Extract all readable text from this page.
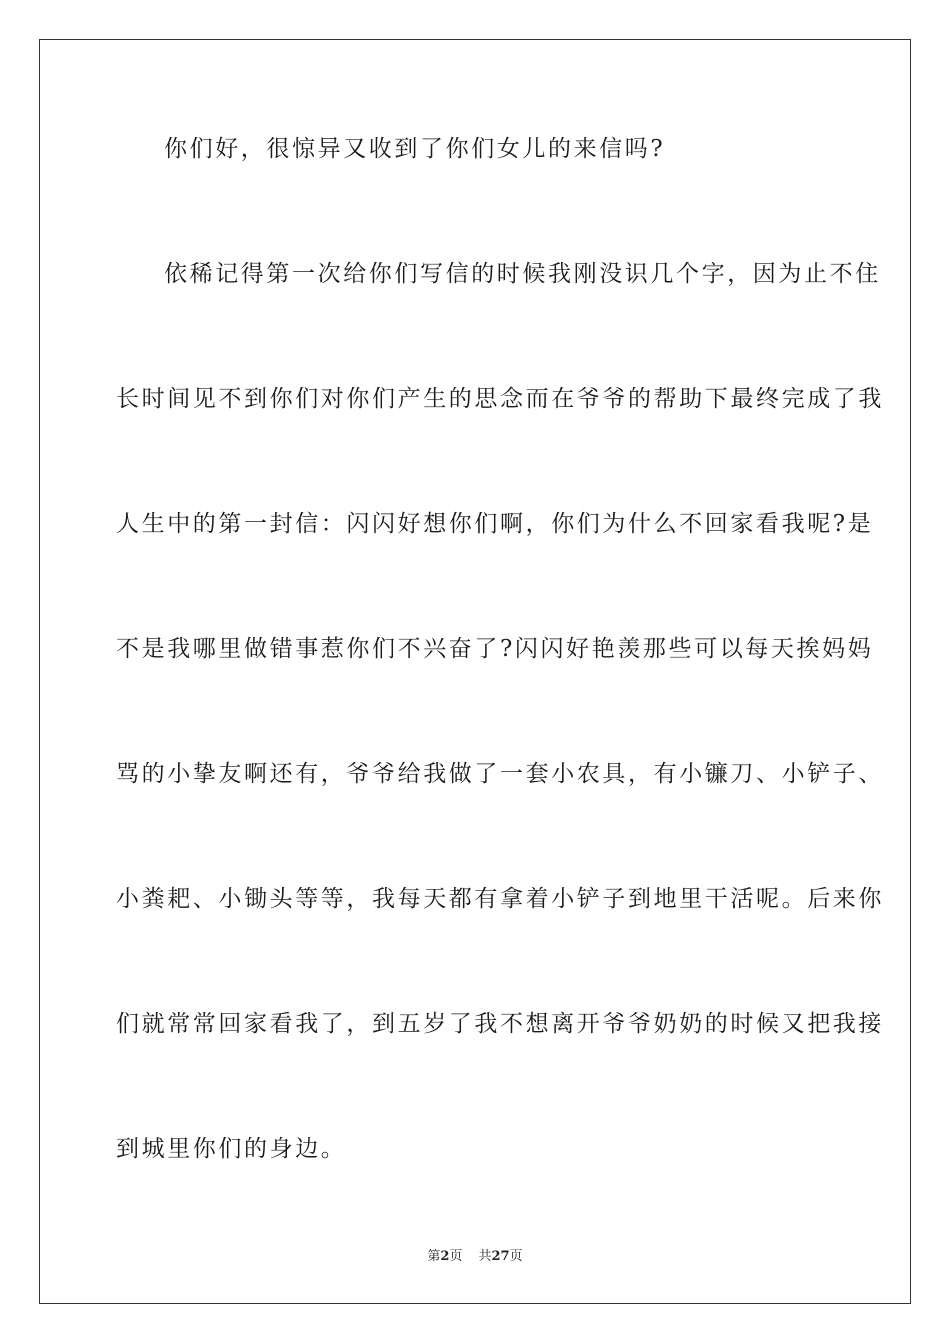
你们好，很惊异又收到了你们女儿的来信吗?
依稀记得第一次给你们写信的时候我刚没识几个字，因为止不住
长时间见不到你们对你们产生的思念而在爷爷的帮助下最终完成了我
人生中的第一封信：闪闪好想你们啊，你们为什么不回家看我呢?是
不是我哪里做错事惹你们不兴奋了?闪闪好艳羡那些可以每天挨妈妈
骂的小挚友啊还有，爷爷给我做了一套小农具，有小镰刀、小铲子、
小粪耙、小锄头等等，我每天都有拿着小铲子到地里干活呢。后来你
们就常常回家看我了，到五岁了我不想离开爷爷奶奶的时候又把我接
到城里你们的身边。
第2页 共27页
